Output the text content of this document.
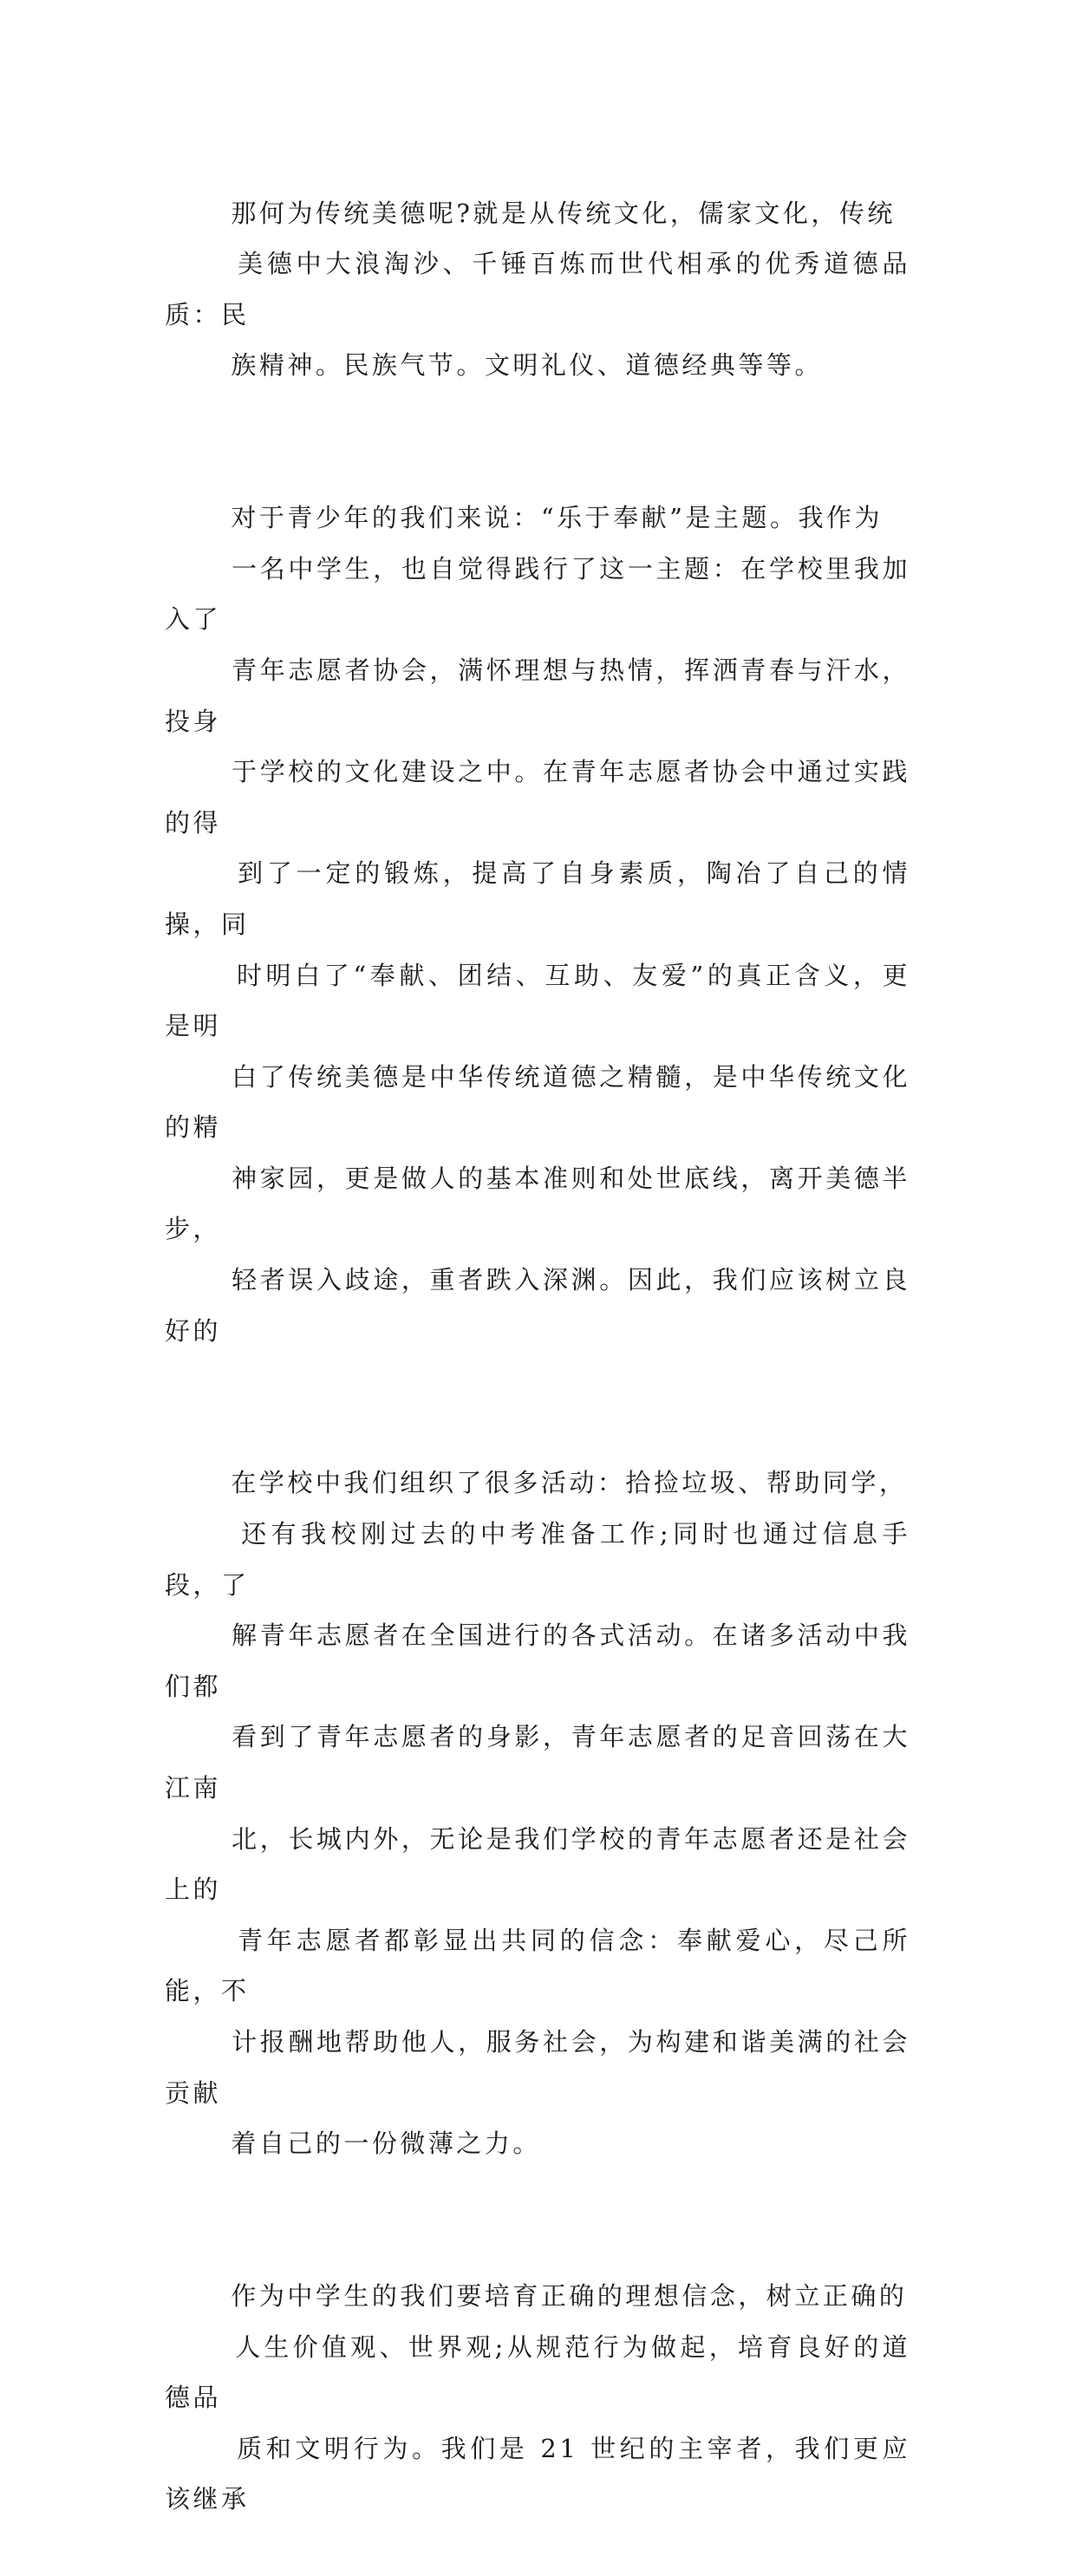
那何为传统美德呢?就是从传统文化，儒家文化，传统
美德中大浪淘沙、千锤百炼而世代相承的优秀道德品质：民
族精神。民族气节。文明礼仪、道德经典等等。

对于青少年的我们来说：“乐于奉献”是主题。我作为
一名中学生，也自觉得践行了这一主题：在学校里我加入了
青年志愿者协会，满怀理想与热情，挥洒青春与汗水，投身
于学校的文化建设之中。在青年志愿者协会中通过实践的得
到了一定的锻炼，提高了自身素质，陶冶了自己的情操，同
时明白了“奉献、团结、互助、友爱”的真正含义，更是明
白了传统美德是中华传统道德之精髓，是中华传统文化的精
神家园，更是做人的基本准则和处世底线，离开美德半步，
轻者误入歧途，重者跌入深渊。因此，我们应该树立良好的

在学校中我们组织了很多活动：拾捡垃圾、帮助同学，
还有我校刚过去的中考准备工作;同时也通过信息手段，了
解青年志愿者在全国进行的各式活动。在诸多活动中我们都
看到了青年志愿者的身影，青年志愿者的足音回荡在大江南
北，长城内外，无论是我们学校的青年志愿者还是社会上的
青年志愿者都彰显出共同的信念：奉献爱心，尽己所能，不
计报酬地帮助他人，服务社会，为构建和谐美满的社会贡献
着自己的一份微薄之力。

作为中学生的我们要培育正确的理想信念，树立正确的
人生价值观、世界观;从规范行为做起，培育良好的道德品
质和文明行为。我们是 21 世纪的主宰者，我们更应该继承
